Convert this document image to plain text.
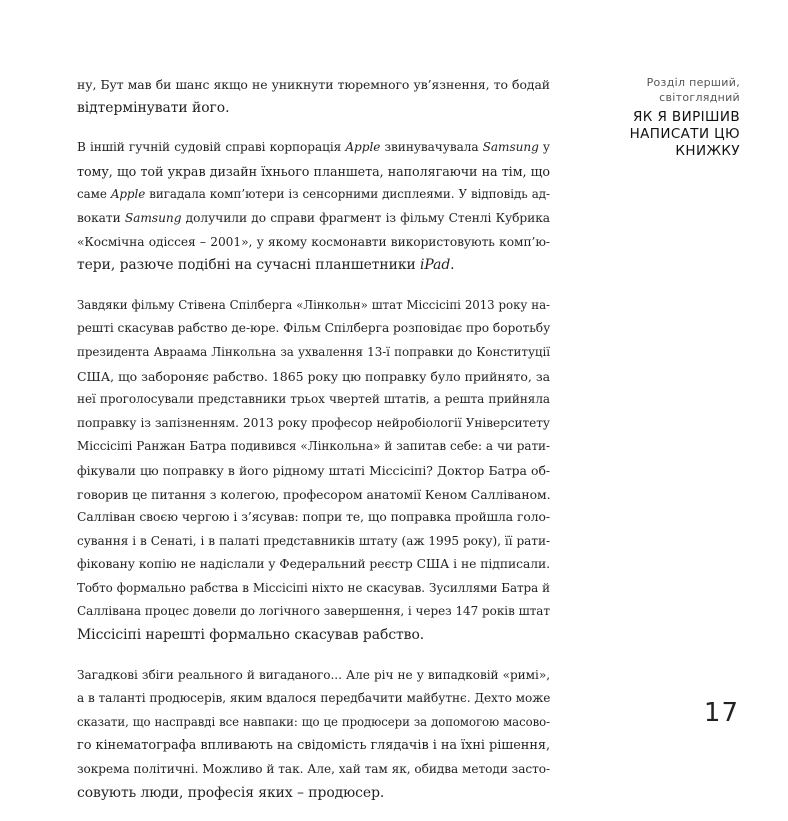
ну, Бут мав би шанс якщо не уникнути тюремного ув’язнення, то бодай
відтермінувати його.

В іншій гучній судовій справі корпорація Apple звинувачувала Samsung у
тому, що той украв дизайн їхнього планшета, наполягаючи на тім, що
саме Apple вигадала комп’ютери із сенсорними дисплеями. У відповідь ад-
вокати Samsung долучили до справи фрагмент із фільму Стенлі Кубрика
«Космічна одіссея – 2001», у якому космонавти використовують комп’ю-
тери, разюче подібні на сучасні планшетники iPad.

Завдяки фільму Стівена Спілберга «Лінкольн» штат Міссісіпі 2013 року на-
решті скасував рабство де-юре. Фільм Спілберга розповідає про боротьбу
президента Авраама Лінкольна за ухвалення 13-ї поправки до Конституції
США, що забороняє рабство. 1865 року цю поправку було прийнято, за
неї проголосували представники трьох чвертей штатів, а решта прийняла
поправку із запізненням. 2013 року професор нейробіології Університету
Міссісіпі Ранжан Батра подивився «Лінкольна» й запитав себе: а чи рати-
фікували цю поправку в його рідному штаті Міссісіпі? Доктор Батра об-
говорив це питання з колегою, професором анатомії Кеном Салліваном.
Салліван своєю чергою і з’ясував: попри те, що поправка пройшла голо-
сування і в Сенаті, і в палаті представників штату (аж 1995 року), її рати-
фіковану копію не надіслали у Федеральний реєстр США і не підписали.
Тобто формально рабства в Міссісіпі ніхто не скасував. Зусиллями Батра й
Саллівана процес довели до логічного завершення, і через 147 років штат
Міссісіпі нарешті формально скасував рабство.

Загадкові збіги реального й вигаданого... Але річ не у випадковій «римі»,
а в таланті продюсерів, яким вдалося передбачити майбутнє. Дехто може
сказати, що насправді все навпаки: що це продюсери за допомогою масово-
го кінематографа впливають на свідомість глядачів і на їхні рішення,
зокрема політичні. Можливо й так. Але, хай там як, обидва методи засто-
совують люди, професія яких – продюсер.

Розділ перший,
світоглядний
ЯК Я ВИРІШИВ
НАПИСАТИ ЦЮ
КНИЖКУ
17
